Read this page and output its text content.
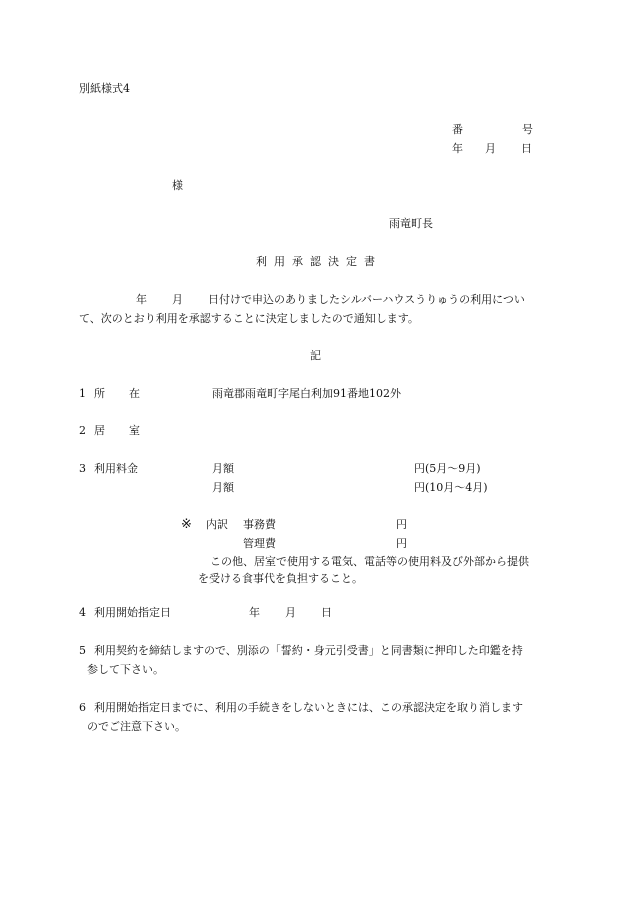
別紙様式4
番	号
年 月 日
様
雨竜町長
利 用 承 認 決 定 書
年 月 日付けで申込のありましたシルバーハウスうりゅうの利用につい
て、次のとおり利用を承認することに決定しましたので通知します。
記
1 所 在	雨竜郡雨竜町字尾白利加91番地102外
2 居 室
3 利用料金	月額	円(5月～9月)
月額	円(10月～4月)
※ 内訳 事務費	円
管理費	円
この他、居室で使用する電気、電話等の使用料及び外部から提供
を受ける食事代を負担すること。
4 利用開始指定日	年 月 日
5 利用契約を締結しますので、別添の「誓約・身元引受書」と同書類に押印した印鑑を持
参して下さい。
6 利用開始指定日までに、利用の手続きをしないときには、この承認決定を取り消します
のでご注意下さい。
